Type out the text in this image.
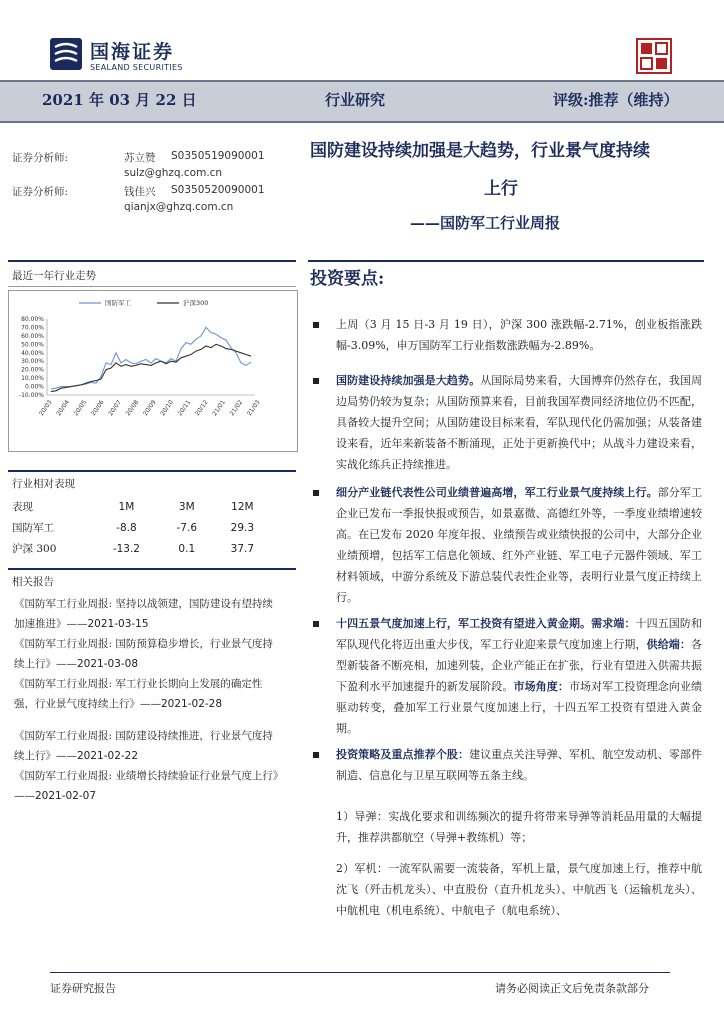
国海证券
SEALAND SECURITIES
2021 年 03 月 22 日	行业研究	评级:推荐（维持）
证券分析师:	苏立赞 S0350519090001
sulz@ghzq.com.cn
证券分析师:	钱佳兴 S0350520090001
qianjx@ghzq.com.cn
国防建设持续加强是大趋势，行业景气度持续
上行
——国防军工行业周报
最近一年行业走势
80.00%
70.00%
60.00%
50.00%
40.00%
30.00%
20.00%
10.00%
0.00%
-10.00%
20/03 20/04 20/05 20/06 20/07 20/08 20/09 20/10 20/11 20/12 21/01 21/02 21/03
国防军工	沪深300
行业相对表现
表现	1M	3M	12M
国防军工	-8.8	-7.6	29.3
沪深 300	-13.2	0.1	37.7
相关报告
《国防军工行业周报: 坚持以战领建，国防建设有望持续加速推进》——2021-03-15
《国防军工行业周报: 国防预算稳步增长，行业景气度持续上行》——2021-03-08
《国防军工行业周报: 军工行业长期向上发展的确定性强，行业景气度持续上行》——2021-02-28
《国防军工行业周报: 国防建设持续推进，行业景气度持续上行》——2021-02-22
《国防军工行业周报: 业绩增长持续验证行业景气度上行》——2021-02-07
投资要点:
上周（3 月 15 日-3 月 19 日），沪深 300 涨跌幅-2.71%，创业板指涨跌幅-3.09%，申万国防军工行业指数涨跌幅为-2.89%。
国防建设持续加强是大趋势。从国际局势来看，大国博弈仍然存在，我国周边局势仍较为复杂；从国防预算来看，目前我国军费同经济地位仍不匹配，具备较大提升空间；从国防建设目标来看，军队现代化仍需加强；从装备建设来看，近年来新装备不断涌现，正处于更新换代中；从战斗力建设来看，实战化练兵正持续推进。
细分产业链代表性公司业绩普遍高增，军工行业景气度持续上行。部分军工企业已发布一季报快报或预告，如景嘉微、高德红外等，一季度业绩增速较高。在已发布 2020 年度年报、业绩预告或业绩快报的公司中，大部分企业业绩预增，包括军工信息化领域、红外产业链、军工电子元器件领域、军工材料领域，中游分系统及下游总装代表性企业等，表明行业景气度正持续上行。
十四五景气度加速上行，军工投资有望进入黄金期。需求端：十四五国防和军队现代化将迈出重大步伐，军工行业迎来景气度加速上行期，供给端：各型新装备不断亮相，加速列装，企业产能正在扩张，行业有望进入供需共振下盈利水平加速提升的新发展阶段。市场角度：市场对军工投资理念向业绩驱动转变，叠加军工行业景气度加速上行，十四五军工投资有望进入黄金期。
投资策略及重点推荐个股：建议重点关注导弹、军机、航空发动机、零部件制造、信息化与卫星互联网等五条主线。
1）导弹：实战化要求和训练频次的提升将带来导弹等消耗品用量的大幅提升，推荐洪都航空（导弹+教练机）等；
2）军机：一流军队需要一流装备，军机上量，景气度加速上行，推荐中航沈飞（歼击机龙头）、中直股份（直升机龙头）、中航西飞（运输机龙头）、中航机电（机电系统）、中航电子（航电系统）、
证券研究报告	请务必阅读正文后免责条款部分
